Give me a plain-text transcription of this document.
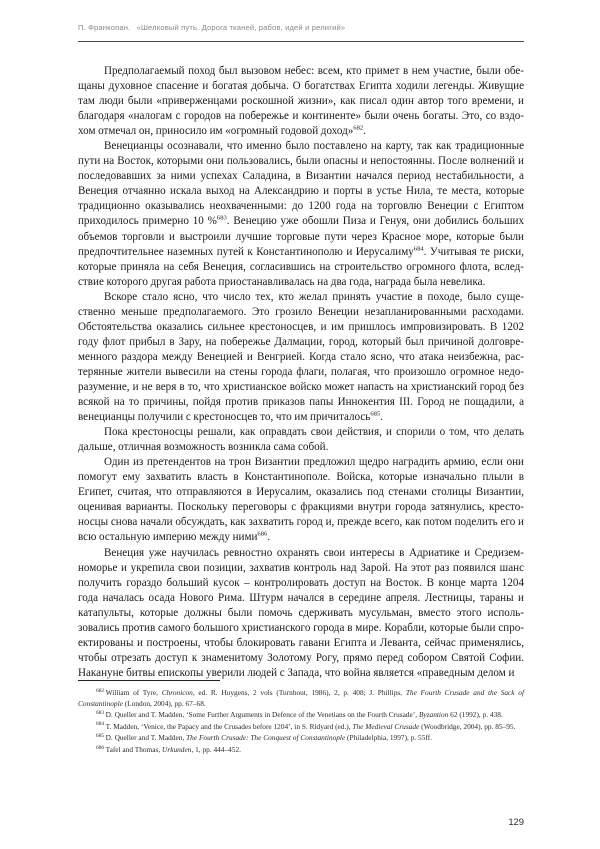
П. Франкопан. «Шелковый путь. Дорога тканей, рабов, идей и религий»

Предполагаемый поход был вызовом небес: всем, кто примет в нем участие, были обещаны духовное спасение и богатая добыча. О богатствах Египта ходили легенды. Живущие там люди были «приверженцами роскошной жизни», как писал один автор того времени, и благодаря «налогам с городов на побережье и континенте» были очень богаты. Это, со вздохом отмечал он, приносило им «огромный годовой доход»$^{682}$.

Венецианцы осознавали, что именно было поставлено на карту, так как традиционные пути на Восток, которыми они пользовались, были опасны и непостоянны. После волнений и последовавших за ними успехах Саладина, в Византии начался период нестабильности, а Венеция отчаянно искала выход на Александрию и порты в устье Нила, те места, которые традиционно оказывались неохваченными: до 1200 года на торговлю Венеции с Египтом приходилось примерно 10 %$^{683}$. Венецию уже обошли Пиза и Генуя, они добились больших объемов торговли и выстроили лучшие торговые пути через Красное море, которые были предпочтительнее наземных путей к Константинополю и Иерусалиму$^{684}$. Учитывая те риски, которые приняла на себя Венеция, согласившись на строительство огромного флота, вследствие которого другая работа приостанавливалась на два года, награда была невелика.

Вскоре стало ясно, что число тех, кто желал принять участие в походе, было существенно меньше предполагаемого. Это грозило Венеции незапланированными расходами. Обстоятельства оказались сильнее крестоносцев, и им пришлось импровизировать. В 1202 году флот прибыл в Зару, на побережье Далмации, город, который был причиной долговременного раздора между Венецией и Венгрией. Когда стало ясно, что атака неизбежна, растерянные жители вывесили на стены города флаги, полагая, что произошло огромное недоразумение, и не веря в то, что христианское войско может напасть на христианский город без всякой на то причины, пойдя против приказов папы Иннокентия III. Город не пощадили, а венецианцы получили с крестоносцев то, что им причиталось$^{685}$.

Пока крестоносцы решали, как оправдать свои действия, и спорили о том, что делать дальше, отличная возможность возникла сама собой.

Один из претендентов на трон Византии предложил щедро наградить армию, если они помогут ему захватить власть в Константинополе. Войска, которые изначально плыли в Египет, считая, что отправляются в Иерусалим, оказались под стенами столицы Византии, оценивая варианты. Поскольку переговоры с фракциями внутри города затянулись, крестоносцы снова начали обсуждать, как захватить город и, прежде всего, как потом поделить его и всю остальную империю между ними$^{686}$.

Венеция уже научилась ревностно охранять свои интересы в Адриатике и Средиземноморье и укрепила свои позиции, захватив контроль над Зарой. На этот раз появился шанс получить гораздо больший кусок – контролировать доступ на Восток. В конце марта 1204 года началась осада Нового Рима. Штурм начался в середине апреля. Лестницы, тараны и катапульты, которые должны были помочь сдерживать мусульман, вместо этого использовались против самого большого христианского города в мире. Корабли, которые были спроектированы и построены, чтобы блокировать гавани Египта и Леванта, сейчас применялись, чтобы отрезать доступ к знаменитому Золотому Рогу, прямо перед собором Святой Софии. Накануне битвы епископы уверили людей с Запада, что война является «праведным делом и

$^{682}$ William of Tyre, Chronicon, ed. R. Huygens, 2 vols (Turnhout, 1986), 2, p. 408; J. Phillips, The Fourth Crusade and the Sack of Constantinople (London, 2004), pp. 67–68.

$^{683}$ D. Queller and T. Madden, ‘Some Further Arguments in Defence of the Venetians on the Fourth Crusade’, Byzantion 62 (1992), p. 438.

$^{684}$ T. Madden, ‘Venice, the Papacy and the Crusades before 1204’, in S. Ridyard (ed.), The Medieval Crusade (Woodbridge, 2004), pp. 85–95.

$^{685}$ D. Queller and T. Madden, The Fourth Crusade: The Conquest of Constantinople (Philadelphia, 1997), p. 55ff.

$^{686}$ Tafel and Thomas, Urkunden, 1, pp. 444–452.

129
